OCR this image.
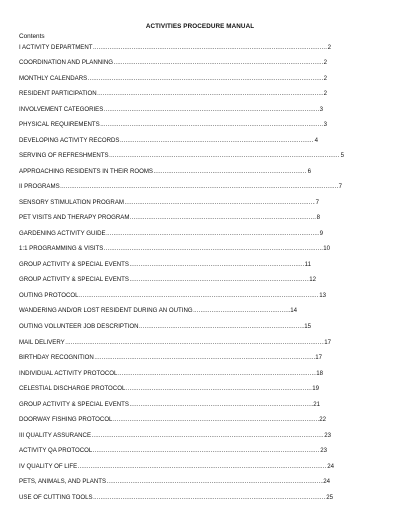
ACTIVITIES PROCEDURE MANUAL
Contents
I ACTIVITY DEPARTMENT .....	2
COORDINATION AND PLANNING .....	2
MONTHLY CALENDARS .....	2
RESIDENT PARTICIPATION .....	2
INVOLVEMENT CATEGORIES .....	3
PHYSICAL REQUIREMENTS .....	3
DEVELOPING ACTIVITY RECORDS .....	4
SERVING OF REFRESHMENTS .....	5
APPROACHING RESIDENTS IN THEIR ROOMS .....	6
II PROGRAMS .....	7
SENSORY STIMULATION PROGRAM .....	7
PET VISITS AND THERAPY PROGRAM .....	8
GARDENING ACTIVITY GUIDE .....	9
1:1 PROGRAMMING & VISITS .....	10
GROUP ACTIVITY & SPECIAL EVENTS .....	11
GROUP ACTIVITY & SPECIAL EVENTS .....	12
OUTING PROTOCOL .....	13
WANDERING AND/OR LOST RESIDENT DURING AN OUTING .....	14
OUTING VOLUNTEER JOB DESCRIPTION .....	15
MAIL DELIVERY .....	17
BIRTHDAY RECOGNITION .....	17
INDIVIDUAL ACTIVITY PROTOCOL .....	18
CELESTIAL DISCHARGE PROTOCOL .....	19
GROUP ACTIVITY & SPECIAL EVENTS .....	21
DOORWAY FISHING PROTOCOL .....	22
III QUALITY ASSURANCE .....	23
ACTIVITY QA PROTOCOL .....	23
IV QUALITY OF LIFE .....	24
PETS, ANIMALS, AND PLANTS .....	24
USE OF CUTTING TOOLS .....	25
